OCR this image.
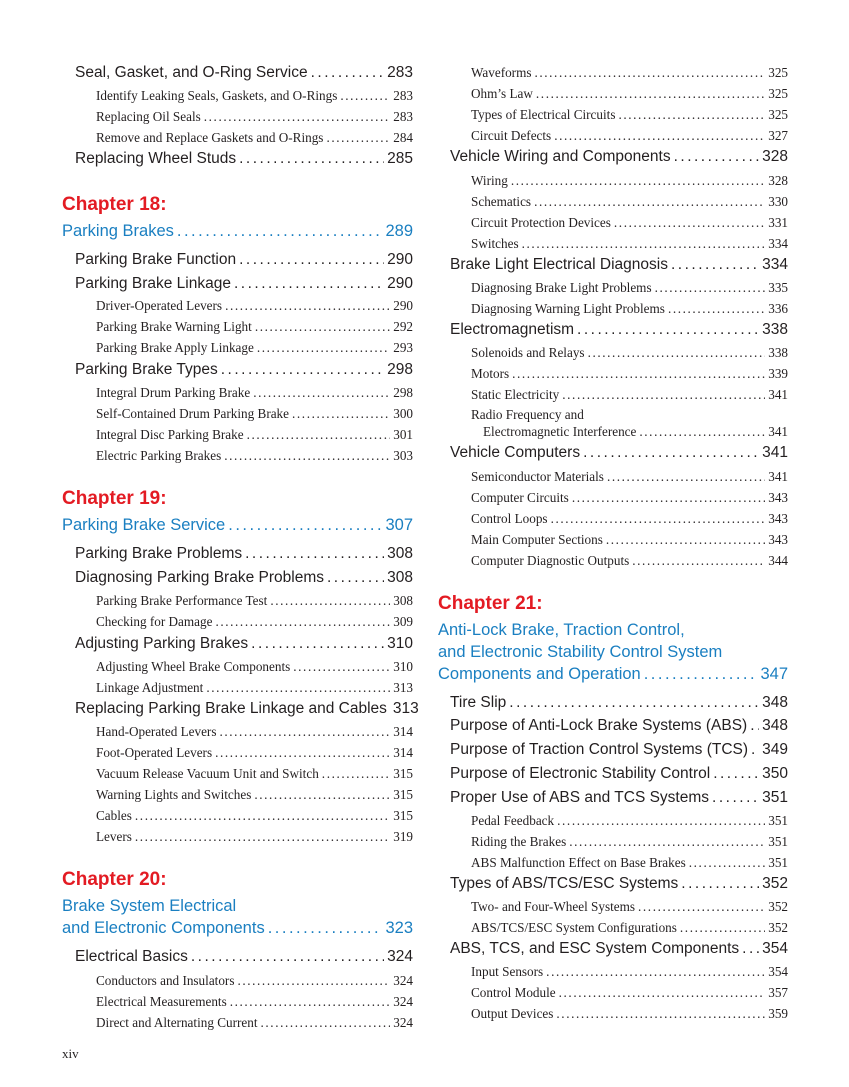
Seal, Gasket, and O-Ring Service .....	283
Identify Leaking Seals, Gaskets, and O-Rings .....	283
Replacing Oil Seals .....	283
Remove and Replace Gaskets and O-Rings .....	284
Replacing Wheel Studs .....	285
Chapter 18:
Parking Brakes .....	289
Parking Brake Function .....	290
Parking Brake Linkage .....	290
Driver-Operated Levers .....	290
Parking Brake Warning Light .....	292
Parking Brake Apply Linkage .....	293
Parking Brake Types .....	298
Integral Drum Parking Brake .....	298
Self-Contained Drum Parking Brake .....	300
Integral Disc Parking Brake .....	301
Electric Parking Brakes .....	303
Chapter 19:
Parking Brake Service .....	307
Parking Brake Problems .....	308
Diagnosing Parking Brake Problems .....	308
Parking Brake Performance Test .....	308
Checking for Damage .....	309
Adjusting Parking Brakes .....	310
Adjusting Wheel Brake Components .....	310
Linkage Adjustment .....	313
Replacing Parking Brake Linkage and Cables 313
Hand-Operated Levers .....	314
Foot-Operated Levers .....	314
Vacuum Release Vacuum Unit and Switch .....	315
Warning Lights and Switches .....	315
Cables .....	315
Levers .....	319
Chapter 20:
Brake System Electrical
and Electronic Components .....	323
Electrical Basics .....	324
Conductors and Insulators .....	324
Electrical Measurements .....	324
Direct and Alternating Current .....	324
Waveforms .....	325
Ohm’s Law .....	325
Types of Electrical Circuits .....	325
Circuit Defects .....	327
Vehicle Wiring and Components .....	328
Wiring .....	328
Schematics .....	330
Circuit Protection Devices .....	331
Switches .....	334
Brake Light Electrical Diagnosis .....	334
Diagnosing Brake Light Problems .....	335
Diagnosing Warning Light Problems .....	336
Electromagnetism .....	338
Solenoids and Relays .....	338
Motors .....	339
Static Electricity .....	341
Radio Frequency and
Electromagnetic Interference .....	341
Vehicle Computers .....	341
Semiconductor Materials .....	341
Computer Circuits .....	343
Control Loops .....	343
Main Computer Sections .....	343
Computer Diagnostic Outputs .....	344
Chapter 21:
Anti-Lock Brake, Traction Control,
and Electronic Stability Control System
Components and Operation .....	347
Tire Slip .....	348
Purpose of Anti-Lock Brake Systems (ABS) ..... 348
Purpose of Traction Control Systems (TCS) ..... 349
Purpose of Electronic Stability Control .....	350
Proper Use of ABS and TCS Systems .....	351
Pedal Feedback .....	351
Riding the Brakes .....	351
ABS Malfunction Effect on Base Brakes .....	351
Types of ABS/TCS/ESC Systems .....	352
Two- and Four-Wheel Systems .....	352
ABS/TCS/ESC System Configurations .....	352
ABS, TCS, and ESC System Components ..... 354
Input Sensors .....	354
Control Module .....	357
Output Devices .....	359
xiv
